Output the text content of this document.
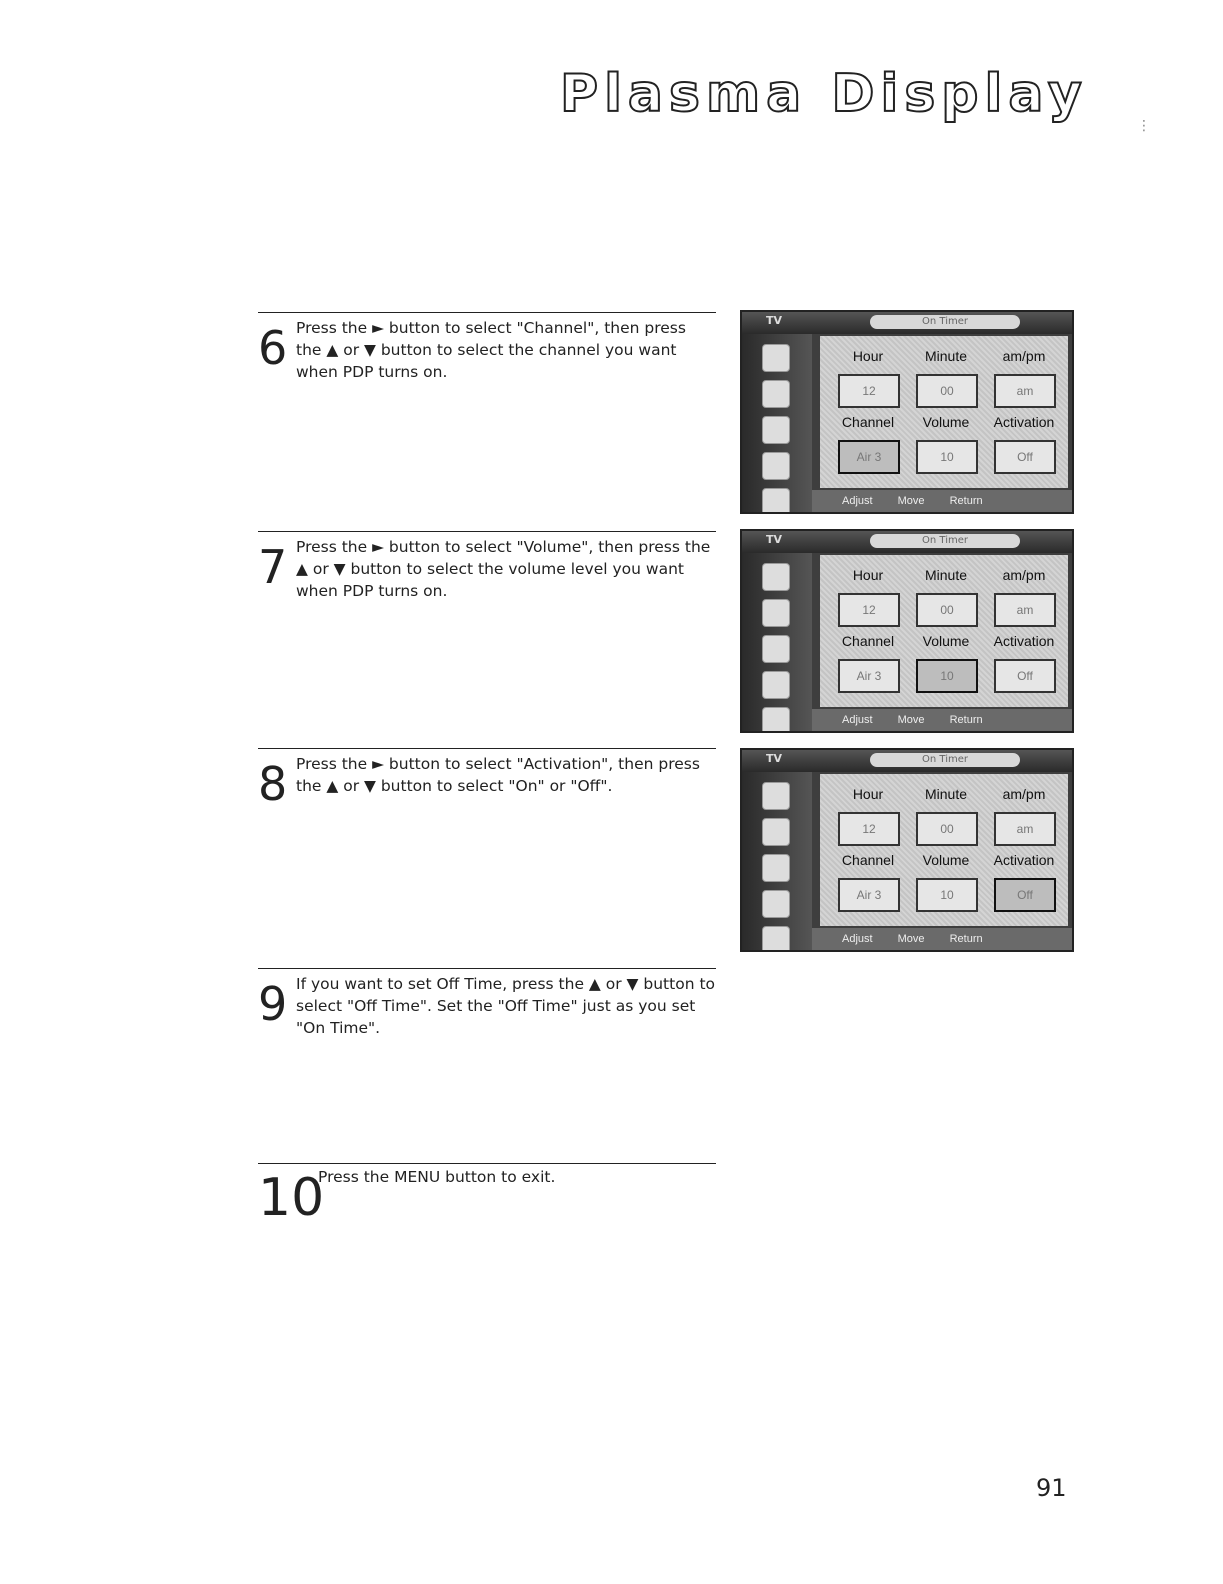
Plasma Display
⋮
6 Press the ► button to select "Channel", then press the ▲ or ▼ button to select the channel you want when PDP turns on.
7 Press the ► button to select "Volume", then press the ▲ or ▼ button to select the volume level you want when PDP turns on.
8 Press the ► button to select "Activation", then press the ▲ or ▼ button to select "On" or "Off".
9 If you want to set Off Time, press the ▲ or ▼ button to select "Off Time". Set the "Off Time" just as you set "On Time".
10
Press the MENU button to exit.
TV	On Timer
Hour	Minute	am/pm
12	00	am
Channel	Volume	Activation
Air 3	10	Off
Adjust Move Return
TV	On Timer
Hour	Minute	am/pm
12	00	am
Channel	Volume	Activation
Air 3	10	Off
Adjust Move Return
TV	On Timer
Hour	Minute	am/pm
12	00	am
Channel	Volume	Activation
Air 3	10	Off
Adjust Move Return
91
